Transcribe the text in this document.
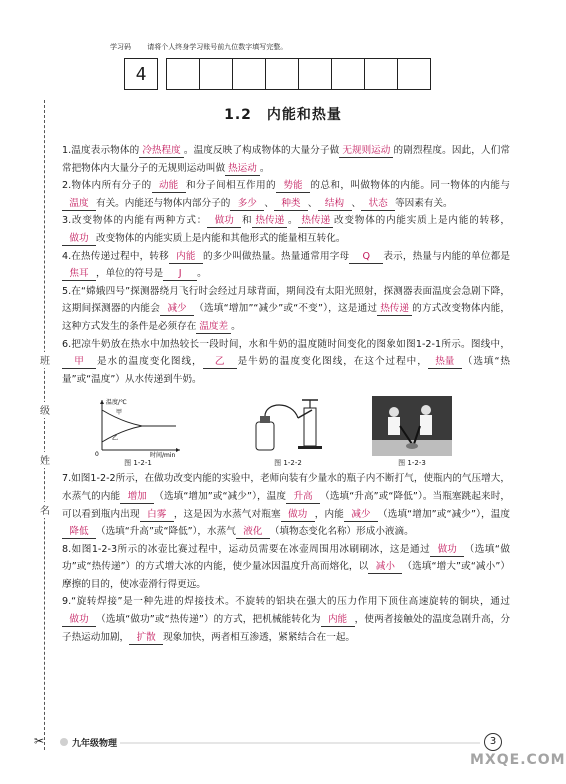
班
级
姓
名
学习码 请将个人终身学习账号前九位数字填写完整。
4
1.2　内能和热量

1.温度表示物体的 冷热程度 。温度反映了构成物体的大量分子做 无规则运动 的剧烈程度。因此，人们常常把物体内大量分子的无规则运动叫做 热运动 。

2.物体内所有分子的 动能 和分子间相互作用的 势能 的总和，叫做物体的内能。同一物体的内能与温度 有关。内能还与物体内部分子的 多少 、 种类 、 结构 、 状态 等因素有关。

3.改变物体的内能有两种方式： 做功 和 热传递 。 热传递 改变物体的内能实质上是内能的转移，做功 改变物体的内能实质上是内能和其他形式的能量相互转化。

4.在热传递过程中，转移 内能 的多少叫做热量。热量通常用字母 Q 表示，热量与内能的单位都是焦耳 ，单位的符号是 J 。

5.在“嫦娥四号”探测器绕月飞行时会经过月球背面，期间没有太阳光照射，探测器表面温度会急剧下降，这期间探测器的内能会 减少 （选填“增加”“减少”或“不变”），这是通过 热传递 的方式改变物体内能，这种方式发生的条件是必须存在 温度差 。

6.把凉牛奶放在热水中加热较长一段时间，水和牛奶的温度随时间变化的图象如图1-2-1所示。图线中，甲 是水的温度变化图线， 乙 是牛奶的温度变化图线，在这个过程中， 热量 （选填“热量”或“温度”）从水传递到牛奶。

温度/℃
时间/min
0
甲
乙
图 1-2-1	图 1-2-2	图 1-2-3

7.如图1-2-2所示，在做功改变内能的实验中，老师向装有少量水的瓶子内不断打气，使瓶内的气压增大，水蒸气的内能 增加 （选填“增加”或“减少”），温度 升高 （选填“升高”或“降低”）。当瓶塞跳起来时，可以看到瓶内出现 白雾 ，这是因为水蒸气对瓶塞 做功 ，内能 减少 （选填“增加”或“减少”），温度降低 （选填“升高”或“降低”），水蒸气 液化 （填物态变化名称）形成小液滴。

8.如图1-2-3所示的冰壶比赛过程中，运动员需要在冰壶周围用冰刷刷冰，这是通过 做功 （选填“做功”或“热传递”）的方式增大冰的内能，使少量冰因温度升高而熔化，以 减小 （选填“增大”或“减小”）摩擦的目的，使冰壶滑行得更远。

9.“旋转焊接”是一种先进的焊接技术。不旋转的铝块在强大的压力作用下顶住高速旋转的铜块，通过做功 （选填“做功”或“热传递”）的方式，把机械能转化为 内能 ，使两者接触处的温度急剧升高，分子热运动加剧， 扩散 现象加快，两者相互渗透，紧紧结合在一起。

✂	九年级物理	3
MXQE.COM
